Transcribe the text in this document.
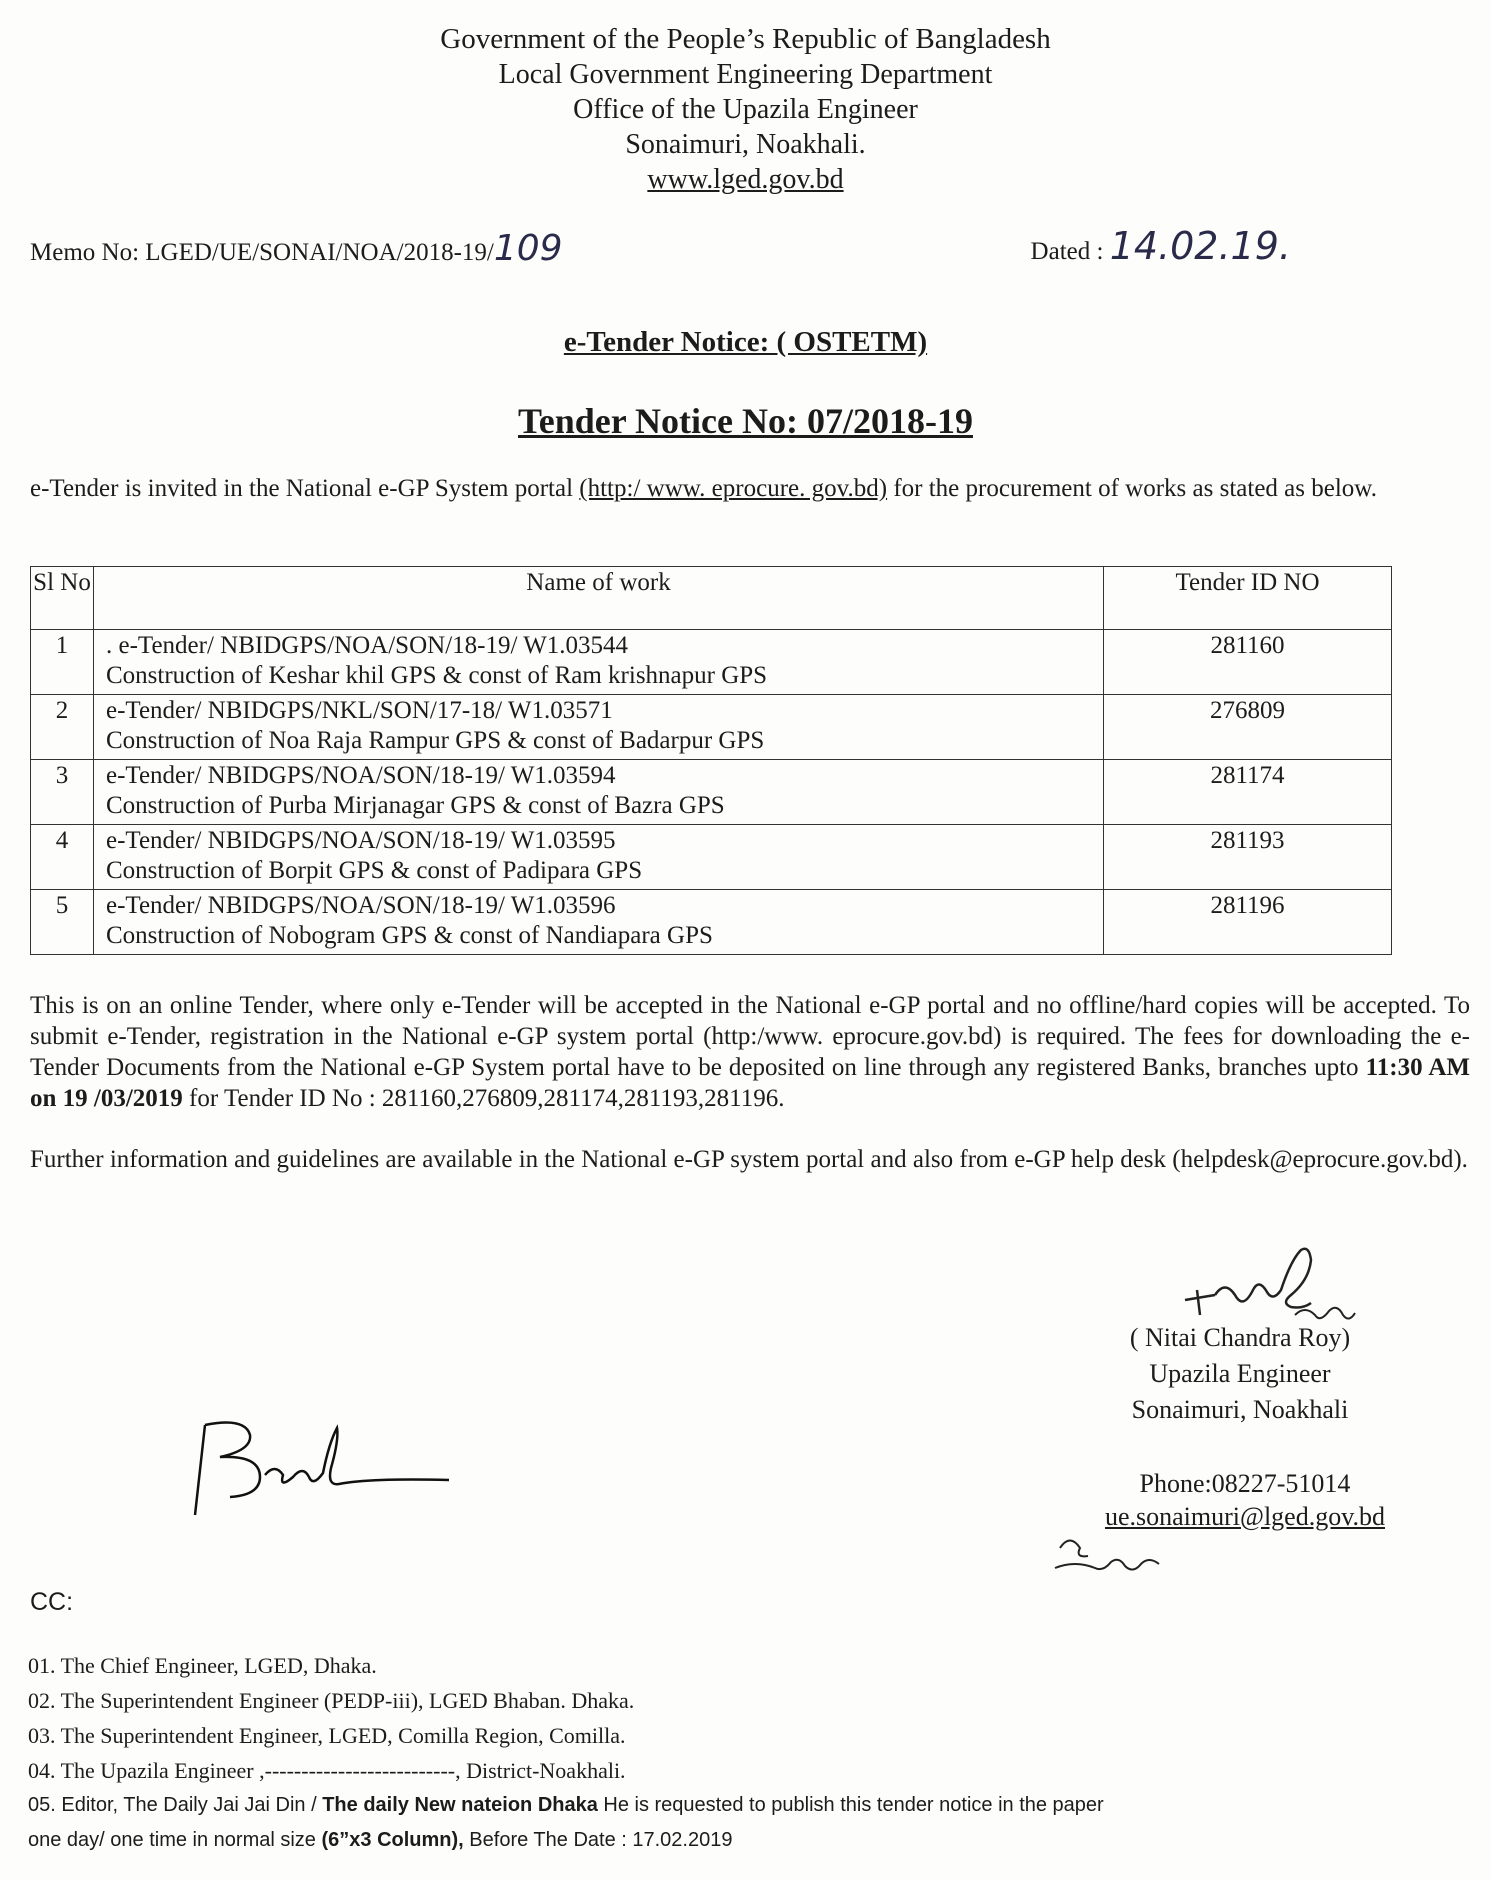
Government of the People’s Republic of Bangladesh
Local Government Engineering Department
Office of the Upazila Engineer
Sonaimuri, Noakhali.
www.lged.gov.bd
Memo No: LGED/UE/SONAI/NOA/2018-19/109	Dated : 14.02.19.
e-Tender Notice: ( OSTETM)
Tender Notice No: 07/2018-19
e-Tender is invited in the National e-GP System portal (http:/ www. eprocure. gov.bd) for the procurement of works as stated as below.
Sl No	Name of work	Tender ID NO
1	. e-Tender/ NBIDGPS/NOA/SON/18-19/ W1.03544
Construction of Keshar khil GPS & const of Ram krishnapur GPS	281160
2	e-Tender/ NBIDGPS/NKL/SON/17-18/ W1.03571
Construction of Noa Raja Rampur GPS & const of Badarpur GPS	276809
3	e-Tender/ NBIDGPS/NOA/SON/18-19/ W1.03594
Construction of Purba Mirjanagar GPS & const of Bazra GPS	281174
4	e-Tender/ NBIDGPS/NOA/SON/18-19/ W1.03595
Construction of Borpit GPS & const of Padipara GPS	281193
5	e-Tender/ NBIDGPS/NOA/SON/18-19/ W1.03596
Construction of Nobogram GPS & const of Nandiapara GPS	281196
This is on an online Tender, where only e-Tender will be accepted in the National e-GP portal and no offline/hard copies will be accepted. To submit e-Tender, registration in the National e-GP system portal (http:/www. eprocure.gov.bd) is required. The fees for downloading the e-Tender Documents from the National e-GP System portal have to be deposited on line through any registered Banks, branches upto 11:30 AM on 19 /03/2019 for Tender ID No : 281160,276809,281174,281193,281196.
Further information and guidelines are available in the National e-GP system portal and also from e-GP help desk (helpdesk@eprocure.gov.bd).
( Nitai Chandra Roy)
Upazila Engineer
Sonaimuri, Noakhali
Phone:08227-51014
ue.sonaimuri@lged.gov.bd
CC:
01. The Chief Engineer, LGED, Dhaka.
02. The Superintendent Engineer (PEDP-iii), LGED Bhaban. Dhaka.
03. The Superintendent Engineer, LGED, Comilla Region, Comilla.
04. The Upazila Engineer ,--------------------------, District-Noakhali.
05. Editor, The Daily Jai Jai Din / The daily New nateion Dhaka He is requested to publish this tender notice in the paper one day/ one time in normal size (6”x3 Column), Before The Date : 17.02.2019
